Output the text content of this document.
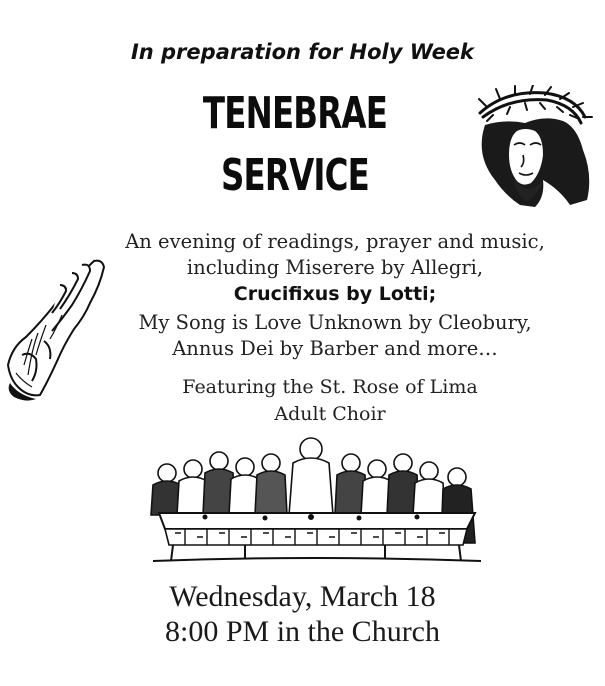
In preparation for Holy Week
TENEBRAE
SERVICE
An evening of readings, prayer and music,
including Miserere by Allegri,
Crucifixus by Lotti;
My Song is Love Unknown by Cleobury,
Annus Dei by Barber and more…
Featuring the St. Rose of Lima
Adult Choir
Wednesday, March 18
8:00 PM in the Church
